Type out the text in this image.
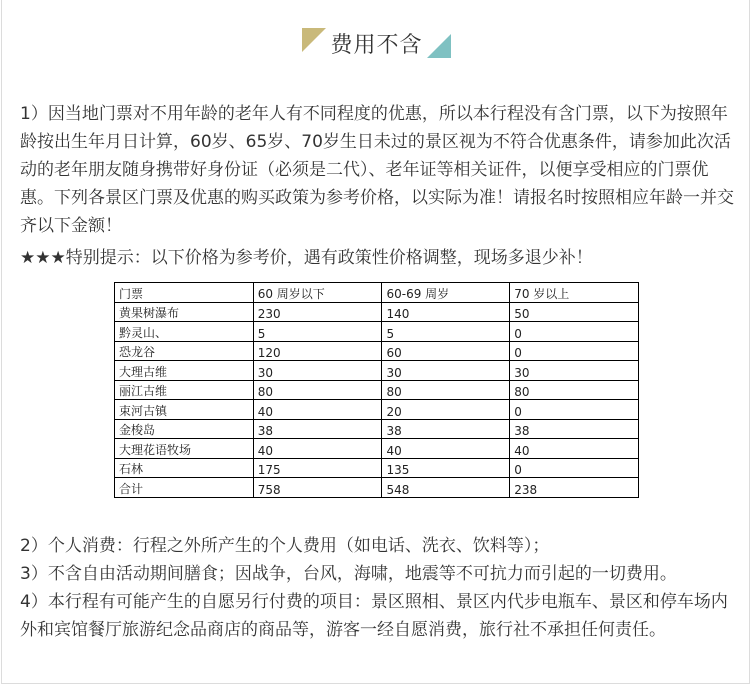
费用不含

1）因当地门票对不用年龄的老年人有不同程度的优惠，所以本行程没有含门票，以下为按照年龄按出生年月日计算，60岁、65岁、70岁生日未过的景区视为不符合优惠条件，请参加此次活动的老年朋友随身携带好身份证（必须是二代）、老年证等相关证件，以便享受相应的门票优惠。下列各景区门票及优惠的购买政策为参考价格，以实际为准！请报名时按照相应年龄一并交齐以下金额！

★★★特别提示：以下价格为参考价，遇有政策性价格调整，现场多退少补！

门票	60 周岁以下	60-69 周岁	70 岁以上
黄果树瀑布	230	140	50
黔灵山、	5	5	0
恐龙谷	120	60	0
大理古维	30	30	30
丽江古维	80	80	80
束河古镇	40	20	0
金梭岛	38	38	38
大理花语牧场	40	40	40
石林	175	135	0
合计	758	548	238
2）个人消费：行程之外所产生的个人费用（如电话、洗衣、饮料等）；
3）不含自由活动期间膳食；因战争，台风，海啸，地震等不可抗力而引起的一切费用。
4）本行程有可能产生的自愿另行付费的项目：景区照相、景区内代步电瓶车、景区和停车场内外和宾馆餐厅旅游纪念品商店的商品等，游客一经自愿消费，旅行社不承担任何责任。
